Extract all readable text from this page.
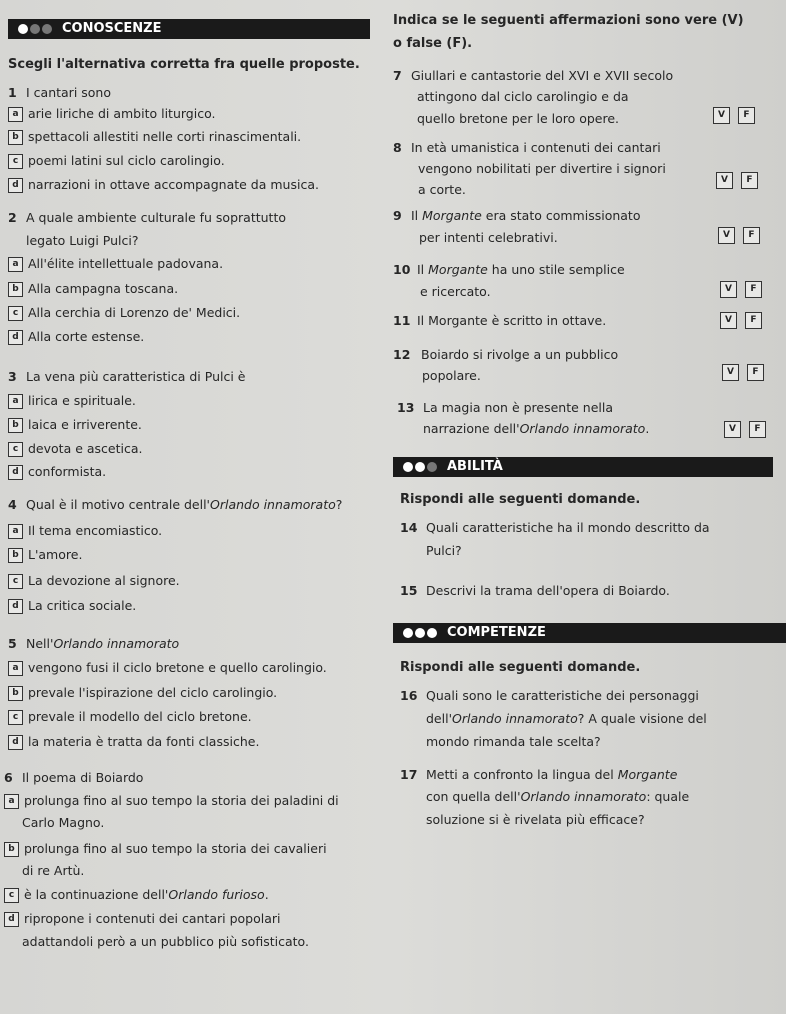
CONOSCENZE
Scegli l'alternativa corretta fra quelle proposte.
1 I cantari sono
a arie liriche di ambito liturgico.
b spettacoli allestiti nelle corti rinascimentali.
c poemi latini sul ciclo carolingio.
d narrazioni in ottave accompagnate da musica.
2 A quale ambiente culturale fu soprattutto
legato Luigi Pulci?
a All'élite intellettuale padovana.
b Alla campagna toscana.
c Alla cerchia di Lorenzo de' Medici.
d Alla corte estense.
3 La vena più caratteristica di Pulci è
a lirica e spirituale.
b laica e irriverente.
c devota e ascetica.
d conformista.
4 Qual è il motivo centrale dell'Orlando innamorato?
a Il tema encomiastico.
b L'amore.
c La devozione al signore.
d La critica sociale.
5 Nell'Orlando innamorato
a vengono fusi il ciclo bretone e quello carolingio.
b prevale l'ispirazione del ciclo carolingio.
c prevale il modello del ciclo bretone.
d la materia è tratta da fonti classiche.
6 Il poema di Boiardo
a prolunga fino al suo tempo la storia dei paladini di
Carlo Magno.
b prolunga fino al suo tempo la storia dei cavalieri
di re Artù.
c è la continuazione dell'Orlando furioso.
d ripropone i contenuti dei cantari popolari
adattandoli però a un pubblico più sofisticato.
Indica se le seguenti affermazioni sono vere (V)
o false (F).
7 Giullari e cantastorie del XVI e XVII secolo
attingono dal ciclo carolingio e da
quello bretone per le loro opere.	V	F
8 In età umanistica i contenuti dei cantari
vengono nobilitati per divertire i signori
a corte.
V	F
9 Il Morgante era stato commissionato
per intenti celebrativi.	V	F
10 Il Morgante ha uno stile semplice
e ricercato.	V	F
11 Il Morgante è scritto in ottave.	V	F
12 Boiardo si rivolge a un pubblico
popolare.	V	F
13 La magia non è presente nella
narrazione dell'Orlando innamorato.	V	F
ABILITÀ
Rispondi alle seguenti domande.
14 Quali caratteristiche ha il mondo descritto da
Pulci?
15 Descrivi la trama dell'opera di Boiardo.
COMPETENZE
Rispondi alle seguenti domande.
16 Quali sono le caratteristiche dei personaggi
dell'Orlando innamorato? A quale visione del
mondo rimanda tale scelta?
17 Metti a confronto la lingua del Morgante
con quella dell'Orlando innamorato: quale
soluzione si è rivelata più efficace?
